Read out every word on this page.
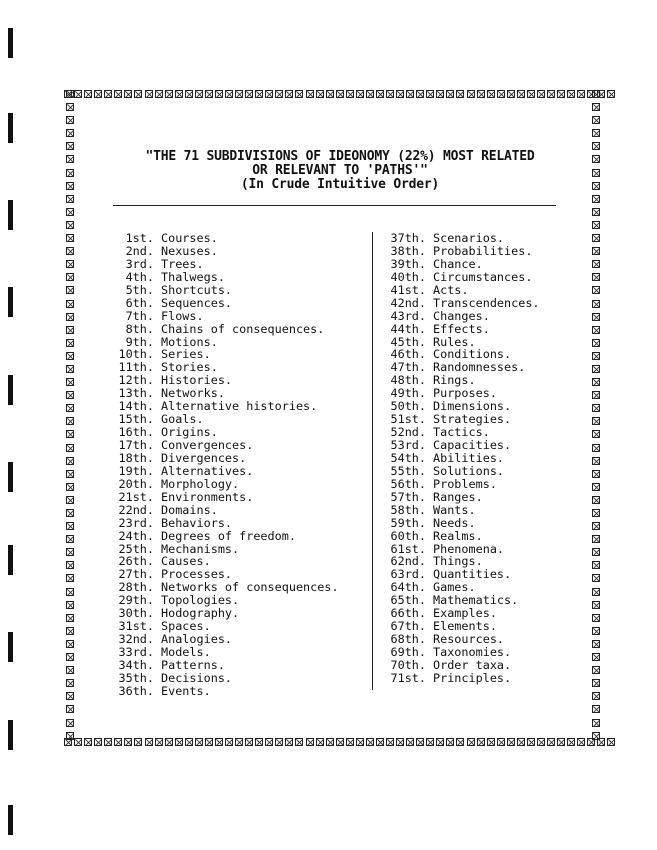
"THE 71 SUBDIVISIONS OF IDEONOMY (22%) MOST RELATED
OR RELEVANT TO 'PATHS'"
(In Crude Intuitive Order)
1st. Courses.
2nd. Nexuses.
3rd. Trees.
4th. Thalwegs.
5th. Shortcuts.
6th. Sequences.
7th. Flows.
8th. Chains of consequences.
9th. Motions.
10th. Series.
11th. Stories.
12th. Histories.
13th. Networks.
14th. Alternative histories.
15th. Goals.
16th. Origins.
17th. Convergences.
18th. Divergences.
19th. Alternatives.
20th. Morphology.
21st. Environments.
22nd. Domains.
23rd. Behaviors.
24th. Degrees of freedom.
25th. Mechanisms.
26th. Causes.
27th. Processes.
28th. Networks of consequences.
29th. Topologies.
30th. Hodography.
31st. Spaces.
32nd. Analogies.
33rd. Models.
34th. Patterns.
35th. Decisions.
36th. Events.
37th. Scenarios.
38th. Probabilities.
39th. Chance.
40th. Circumstances.
41st. Acts.
42nd. Transcendences.
43rd. Changes.
44th. Effects.
45th. Rules.
46th. Conditions.
47th. Randomnesses.
48th. Rings.
49th. Purposes.
50th. Dimensions.
51st. Strategies.
52nd. Tactics.
53rd. Capacities.
54th. Abilities.
55th. Solutions.
56th. Problems.
57th. Ranges.
58th. Wants.
59th. Needs.
60th. Realms.
61st. Phenomena.
62nd. Things.
63rd. Quantities.
64th. Games.
65th. Mathematics.
66th. Examples.
67th. Elements.
68th. Resources.
69th. Taxonomies.
70th. Order taxa.
71st. Principles.
